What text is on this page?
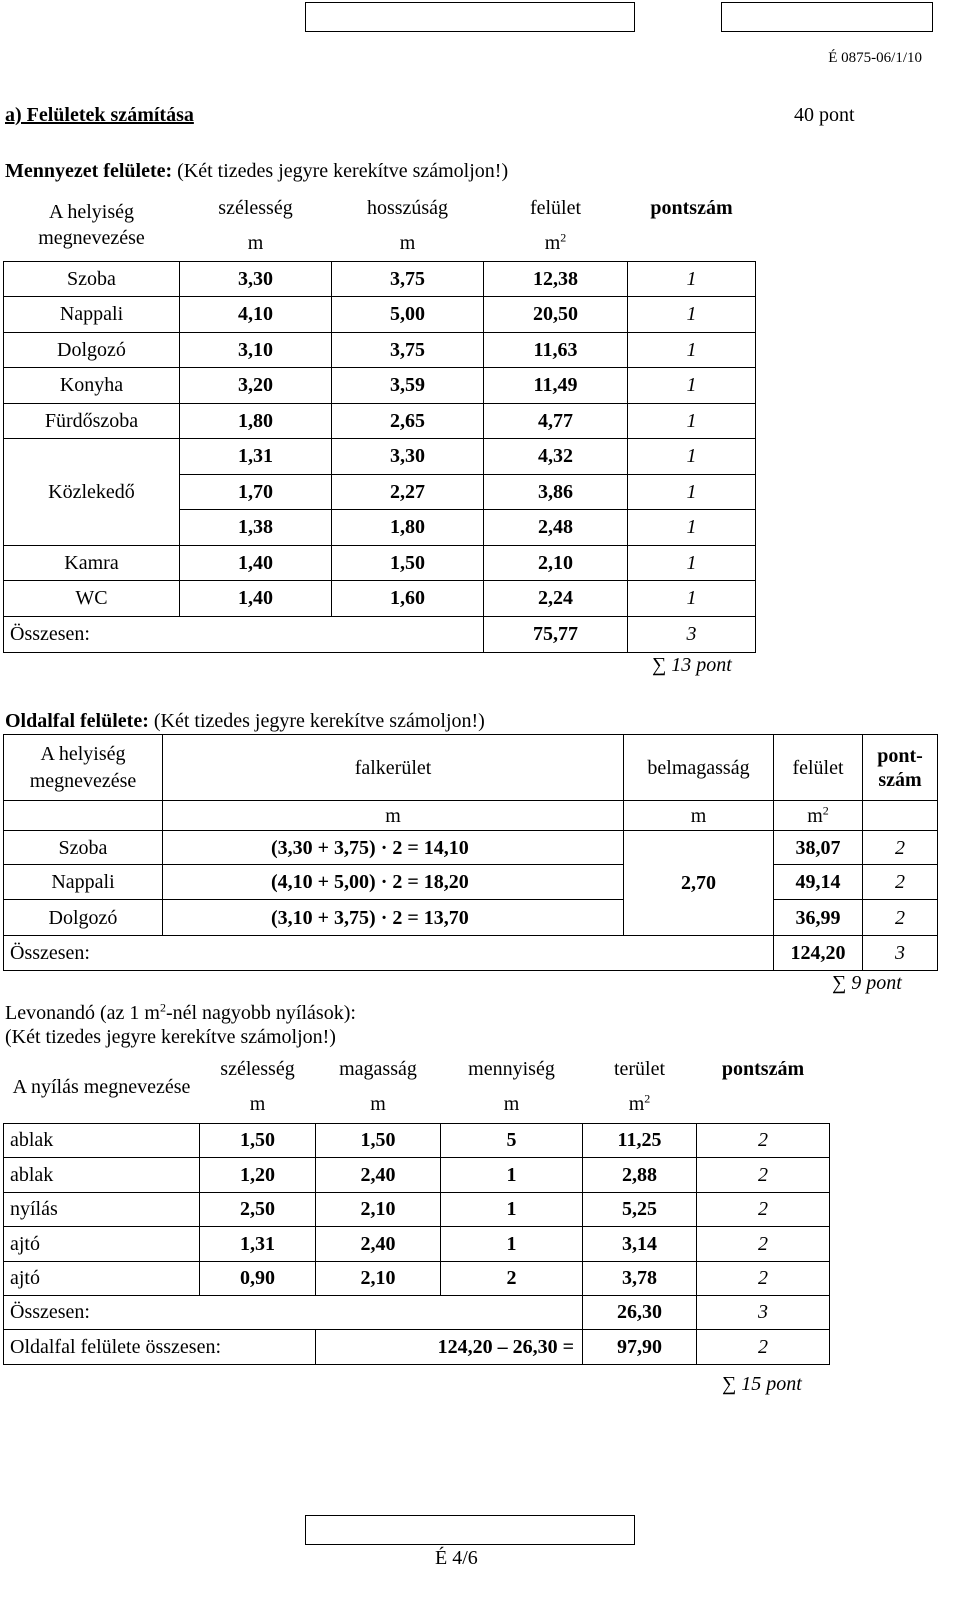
É 0875-06/1/10
a) Felületek számítása	40 pont
Mennyezet felülete: (Két tizedes jegyre kerekítve számoljon!)
A helyiség megnevezése	szélesség	hosszúság	felület	pontszám
	m	m	$m^2$	
Szoba	3,30	3,75	12,38	1
Nappali	4,10	5,00	20,50	1
Dolgozó	3,10	3,75	11,63	1
Konyha	3,20	3,59	11,49	1
Fürdőszoba	1,80	2,65	4,77	1
Közlekedő	1,31	3,30	4,32	1
	1,70	2,27	3,86	1
	1,38	1,80	2,48	1
Kamra	1,40	1,50	2,10	1
WC	1,40	1,60	2,24	1
Összesen:			75,77	3
∑ 13 pont
Oldalfal felülete: (Két tizedes jegyre kerekítve számoljon!)
A helyiség megnevezése	falkerület	belmagasság	felület	pont-
szám
	m	m	$m^2$	
Szoba	(3,30 + 3,75) · 2 = 14,10	2,70	38,07	2
Nappali	(4,10 + 5,00) · 2 = 18,20		49,14	2
Dolgozó	(3,10 + 3,75) · 2 = 13,70		36,99	2
Összesen:			124,20	3
∑ 9 pont
Levonandó (az 1 $m^2$-nél nagyobb nyílások):
(Két tizedes jegyre kerekítve számoljon!)
A nyílás megnevezése	szélesség	magasság	mennyiség	terület	pontszám
	m	m	m	$m^2$	
ablak	1,50	1,50	5	11,25	2
ablak	1,20	2,40	1	2,88	2
nyílás	2,50	2,10	1	5,25	2
ajtó	1,31	2,40	1	3,14	2
ajtó	0,90	2,10	2	3,78	2
Összesen:				26,30	3
Oldalfal felülete összesen:		124,20 – 26,30 =		97,90	2
∑ 15 pont
É 4/6
